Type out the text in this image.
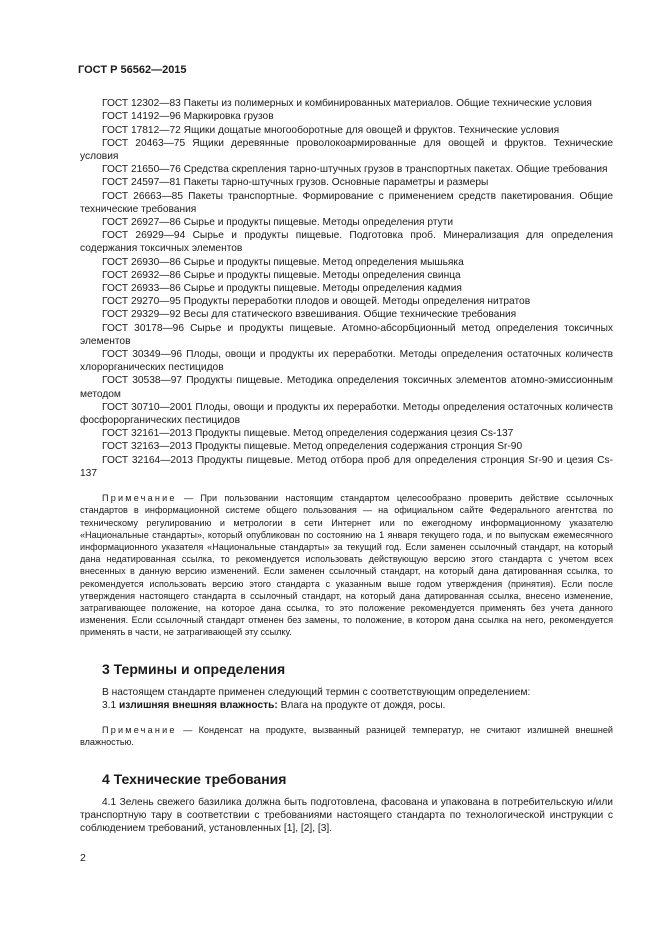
ГОСТ Р 56562—2015

ГОСТ 12302—83 Пакеты из полимерных и комбинированных материалов. Общие технические условия

ГОСТ 14192—96 Маркировка грузов

ГОСТ 17812—72 Ящики дощатые многооборотные для овощей и фруктов. Технические условия

ГОСТ 20463—75 Ящики деревянные проволокоармированные для овощей и фруктов. Технические условия

ГОСТ 21650—76 Средства скрепления тарно-штучных грузов в транспортных пакетах. Общие требования

ГОСТ 24597—81 Пакеты тарно-штучных грузов. Основные параметры и размеры

ГОСТ 26663—85 Пакеты транспортные. Формирование с применением средств пакетирования. Общие технические требования

ГОСТ 26927—86 Сырье и продукты пищевые. Методы определения ртути

ГОСТ 26929—94 Сырье и продукты пищевые. Подготовка проб. Минерализация для определения содержания токсичных элементов

ГОСТ 26930—86 Сырье и продукты пищевые. Метод определения мышьяка

ГОСТ 26932—86 Сырье и продукты пищевые. Методы определения свинца

ГОСТ 26933—86 Сырье и продукты пищевые. Методы определения кадмия

ГОСТ 29270—95 Продукты переработки плодов и овощей. Методы определения нитратов

ГОСТ 29329—92 Весы для статического взвешивания. Общие технические требования

ГОСТ 30178—96 Сырье и продукты пищевые. Атомно-абсорбционный метод определения токсичных элементов

ГОСТ 30349—96 Плоды, овощи и продукты их переработки. Методы определения остаточных количеств хлорорганических пестицидов

ГОСТ 30538—97 Продукты пищевые. Методика определения токсичных элементов атомно-эмиссионным методом

ГОСТ 30710—2001 Плоды, овощи и продукты их переработки. Методы определения остаточных количеств фосфорорганических пестицидов

ГОСТ 32161—2013 Продукты пищевые. Метод определения содержания цезия Cs-137

ГОСТ 32163—2013 Продукты пищевые. Метод определения содержания стронция Sr-90

ГОСТ 32164—2013 Продукты пищевые. Метод отбора проб для определения стронция Sr-90 и цезия Cs-137

Примечание — При пользовании настоящим стандартом целесообразно проверить действие ссылочных стандартов в информационной системе общего пользования — на официальном сайте Федерального агентства по техническому регулированию и метрологии в сети Интернет или по ежегодному информационному указателю «Национальные стандарты», который опубликован по состоянию на 1 января текущего года, и по выпускам ежемесячного информационного указателя «Национальные стандарты» за текущий год. Если заменен ссылочный стандарт, на который дана недатированная ссылка, то рекомендуется использовать действующую версию этого стандарта с учетом всех внесенных в данную версию изменений. Если заменен ссылочный стандарт, на который дана датированная ссылка, то рекомендуется использовать версию этого стандарта с указанным выше годом утверждения (принятия). Если после утверждения настоящего стандарта в ссылочный стандарт, на который дана датированная ссылка, внесено изменение, затрагивающее положение, на которое дана ссылка, то это положение рекомендуется применять без учета данного изменения. Если ссылочный стандарт отменен без замены, то положение, в котором дана ссылка на него, рекомендуется применять в части, не затрагивающей эту ссылку.

3 Термины и определения

В настоящем стандарте применен следующий термин с соответствующим определением:

3.1 излишняя внешняя влажность: Влага на продукте от дождя, росы.

Примечание — Конденсат на продукте, вызванный разницей температур, не считают излишней внешней влажностью.

4 Технические требования

4.1 Зелень свежего базилика должна быть подготовлена, фасована и упакована в потребительскую и/или транспортную тару в соответствии с требованиями настоящего стандарта по технологической инструкции с соблюдением требований, установленных [1], [2], [3].

2
